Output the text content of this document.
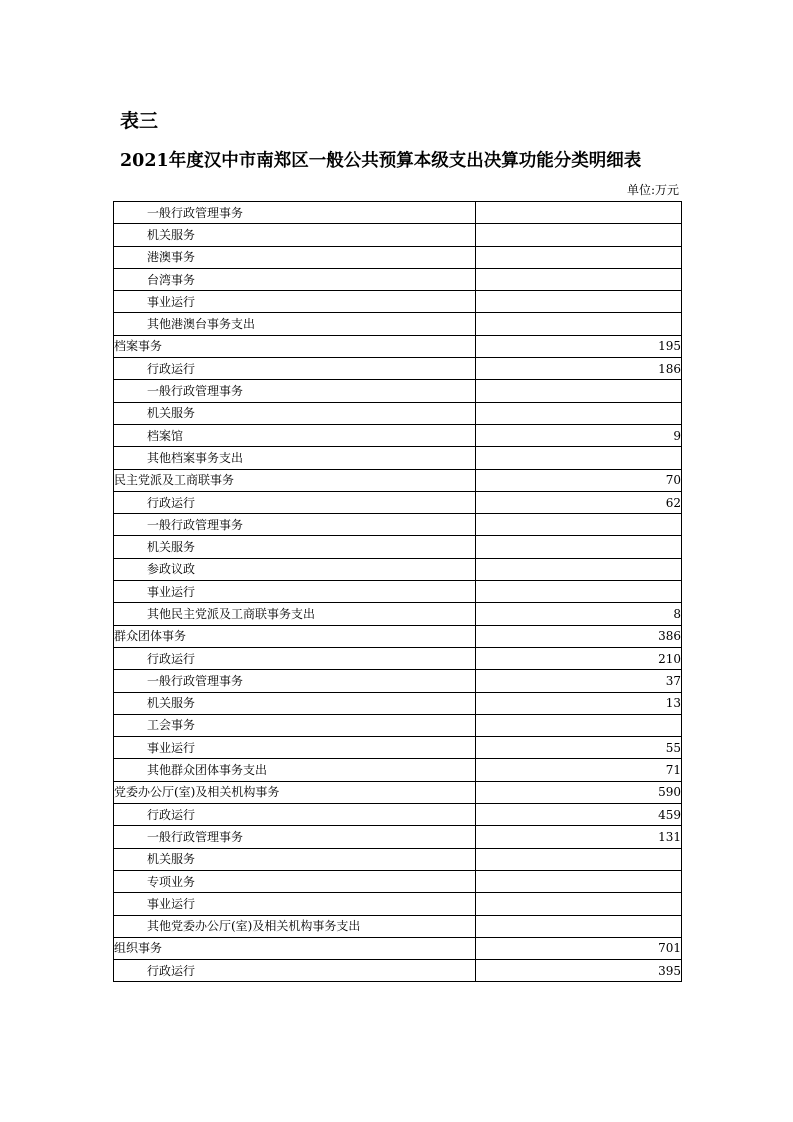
表三
2021年度汉中市南郑区一般公共预算本级支出决算功能分类明细表
单位:万元
一般行政管理事务	
机关服务	
港澳事务	
台湾事务	
事业运行	
其他港澳台事务支出	
档案事务	195
行政运行	186
一般行政管理事务	
机关服务	
档案馆	9
其他档案事务支出	
民主党派及工商联事务	70
行政运行	62
一般行政管理事务	
机关服务	
参政议政	
事业运行	
其他民主党派及工商联事务支出	8
群众团体事务	386
行政运行	210
一般行政管理事务	37
机关服务	13
工会事务	
事业运行	55
其他群众团体事务支出	71
党委办公厅(室)及相关机构事务	590
行政运行	459
一般行政管理事务	131
机关服务	
专项业务	
事业运行	
其他党委办公厅(室)及相关机构事务支出	
组织事务	701
行政运行	395
